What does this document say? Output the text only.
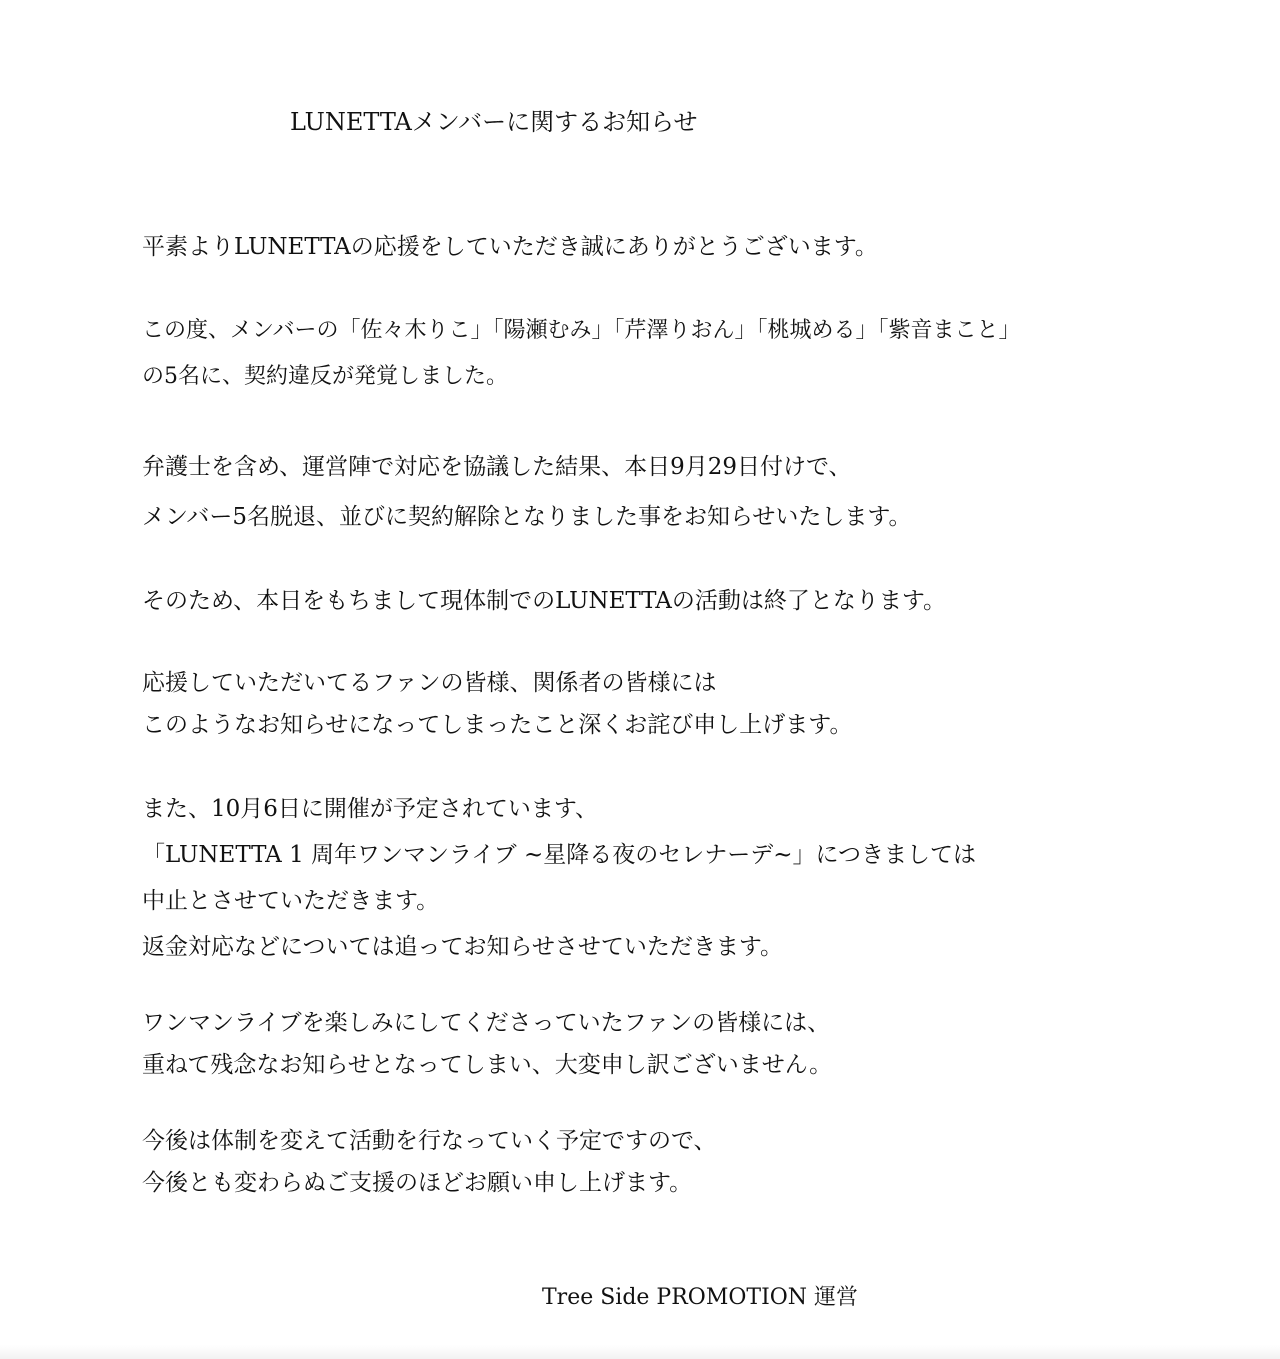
LUNETTAメンバーに関するお知らせ
平素よりLUNETTAの応援をしていただき誠にありがとうございます。
この度、メンバーの「佐々木りこ」「陽瀬むみ」「芹澤りおん」「桃城める」「紫音まこと」
の5名に、契約違反が発覚しました。
弁護士を含め、運営陣で対応を協議した結果、本日9月29日付けで、
メンバー5名脱退、並びに契約解除となりました事をお知らせいたします。
そのため、本日をもちまして現体制でのLUNETTAの活動は終了となります。
応援していただいてるファンの皆様、関係者の皆様には
このようなお知らせになってしまったこと深くお詫び申し上げます。
また、10月6日に開催が予定されています、
「LUNETTA 1 周年ワンマンライブ ~星降る夜のセレナーデ~」につきましては
中止とさせていただきます。
返金対応などについては追ってお知らせさせていただきます。
ワンマンライブを楽しみにしてくださっていたファンの皆様には、
重ねて残念なお知らせとなってしまい、大変申し訳ございません。
今後は体制を変えて活動を行なっていく予定ですので、
今後とも変わらぬご支援のほどお願い申し上げます。
Tree Side PROMOTION 運営
